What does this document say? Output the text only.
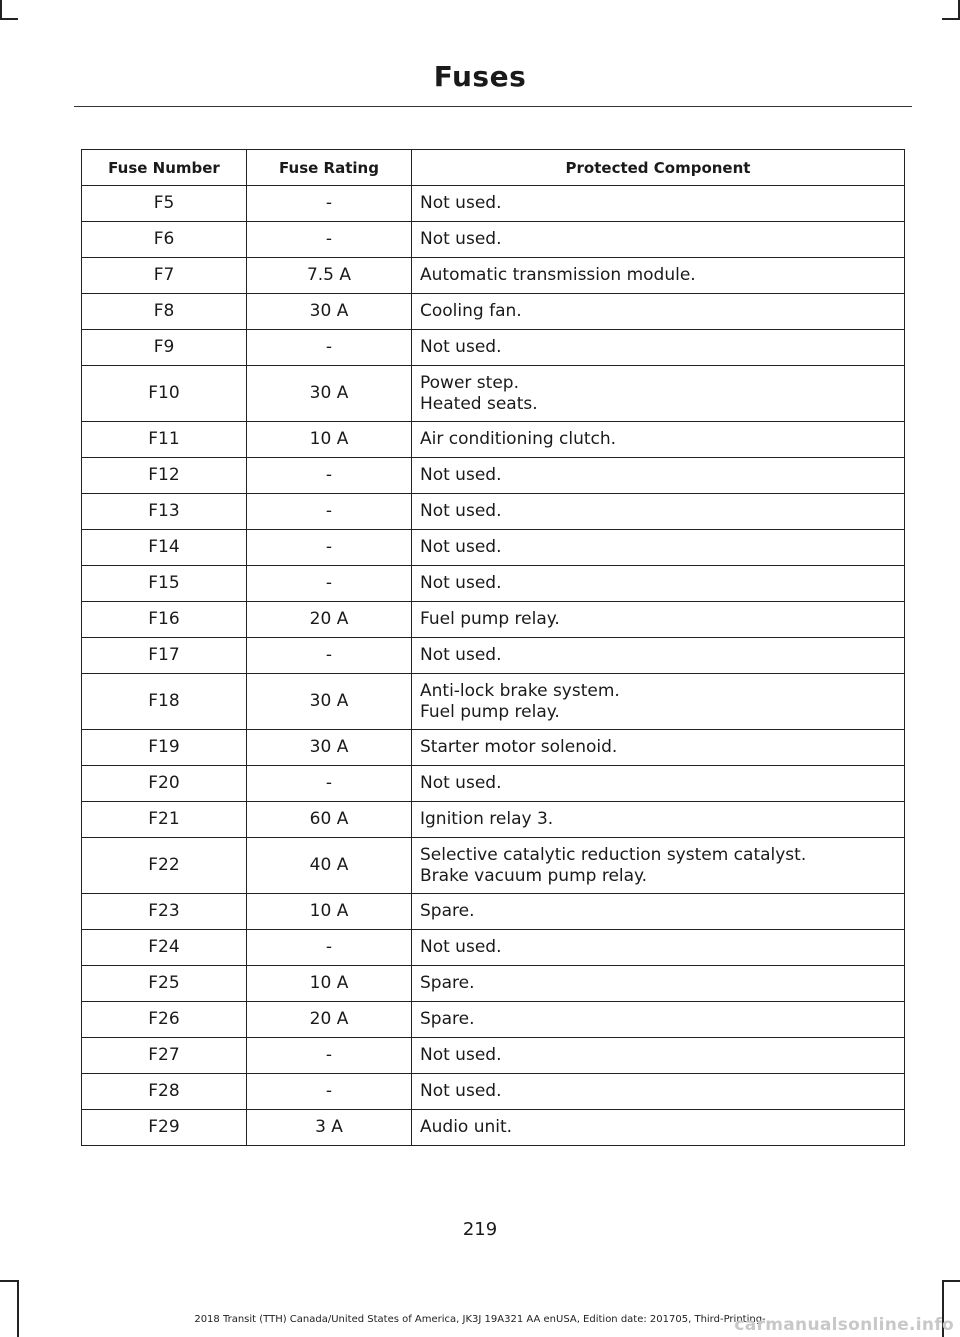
Fuses
Fuse Number	Fuse Rating	Protected Component
F5	-	Not used.

F6	-	Not used.

F7	7.5 A	Automatic transmission module.

F8	30 A	Cooling fan.

F9	-	Not used.

F10	30 A	Power step.
Heated seats.

F11	10 A	Air conditioning clutch.

F12	-	Not used.

F13	-	Not used.

F14	-	Not used.

F15	-	Not used.

F16	20 A	Fuel pump relay.

F17	-	Not used.

F18	30 A	Anti-lock brake system.
Fuel pump relay.

F19	30 A	Starter motor solenoid.

F20	-	Not used.

F21	60 A	Ignition relay 3.

F22	40 A	Selective catalytic reduction system catalyst.
Brake vacuum pump relay.

F23	10 A	Spare.

F24	-	Not used.

F25	10 A	Spare.

F26	20 A	Spare.

F27	-	Not used.

F28	-	Not used.

F29	3 A	Audio unit.
219
2018 Transit (TTH) Canada/United States of America, JK3J 19A321 AA enUSA, Edition date: 201705, Third-Printing-
carmanualsonline.info
